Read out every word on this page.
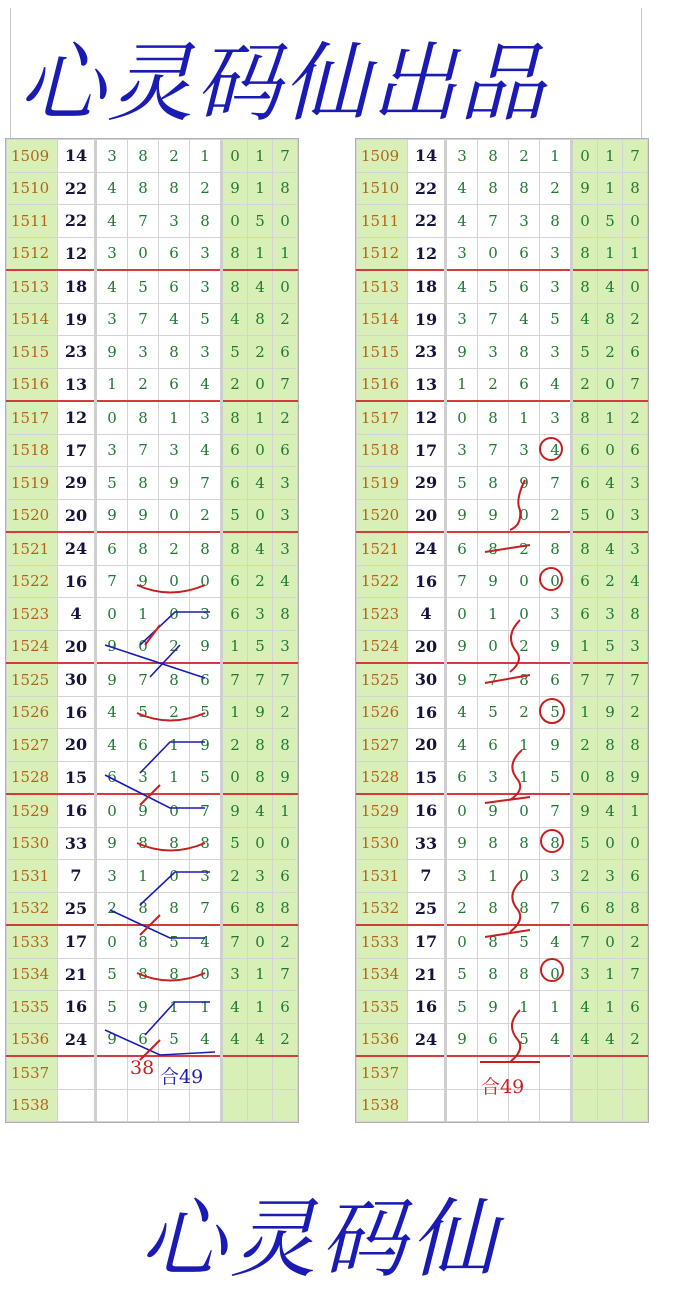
心灵码仙出品
1509	14	3	8	2	1	0	1	7
1510	22	4	8	8	2	9	1	8
1511	22	4	7	3	8	0	5	0
1512	12	3	0	6	3	8	1	1
1513	18	4	5	6	3	8	4	0
1514	19	3	7	4	5	4	8	2
1515	23	9	3	8	3	5	2	6
1516	13	1	2	6	4	2	0	7
1517	12	0	8	1	3	8	1	2
1518	17	3	7	3	4	6	0	6
1519	29	5	8	9	7	6	4	3
1520	20	9	9	0	2	5	0	3
1521	24	6	8	2	8	8	4	3
1522	16	7	9	0	0	6	2	4
1523	4	0	1	0	3	6	3	8
1524	20	9	0	2	9	1	5	3
1525	30	9	7	8	6	7	7	7
1526	16	4	5	2	5	1	9	2
1527	20	4	6	1	9	2	8	8
1528	15	6	3	1	5	0	8	9
1529	16	0	9	0	7	9	4	1
1530	33	9	8	8	8	5	0	0
1531	7	3	1	0	3	2	3	6
1532	25	2	8	8	7	6	8	8
1533	17	0	8	5	4	7	0	2
1534	21	5	8	8	0	3	1	7
1535	16	5	9	1	1	4	1	6
1536	24	9	6	5	4	4	4	2
1537								
1538								
1509	14	3	8	2	1	0	1	7
1510	22	4	8	8	2	9	1	8
1511	22	4	7	3	8	0	5	0
1512	12	3	0	6	3	8	1	1
1513	18	4	5	6	3	8	4	0
1514	19	3	7	4	5	4	8	2
1515	23	9	3	8	3	5	2	6
1516	13	1	2	6	4	2	0	7
1517	12	0	8	1	3	8	1	2
1518	17	3	7	3	4	6	0	6
1519	29	5	8	9	7	6	4	3
1520	20	9	9	0	2	5	0	3
1521	24	6	8	2	8	8	4	3
1522	16	7	9	0	0	6	2	4
1523	4	0	1	0	3	6	3	8
1524	20	9	0	2	9	1	5	3
1525	30	9	7	8	6	7	7	7
1526	16	4	5	2	5	1	9	2
1527	20	4	6	1	9	2	8	8
1528	15	6	3	1	5	0	8	9
1529	16	0	9	0	7	9	4	1
1530	33	9	8	8	8	5	0	0
1531	7	3	1	0	3	2	3	6
1532	25	2	8	8	7	6	8	8
1533	17	0	8	5	4	7	0	2
1534	21	5	8	8	0	3	1	7
1535	16	5	9	1	1	4	1	6
1536	24	9	6	5	4	4	4	2
1537								
1538								
38 合49	合49
心灵码仙
